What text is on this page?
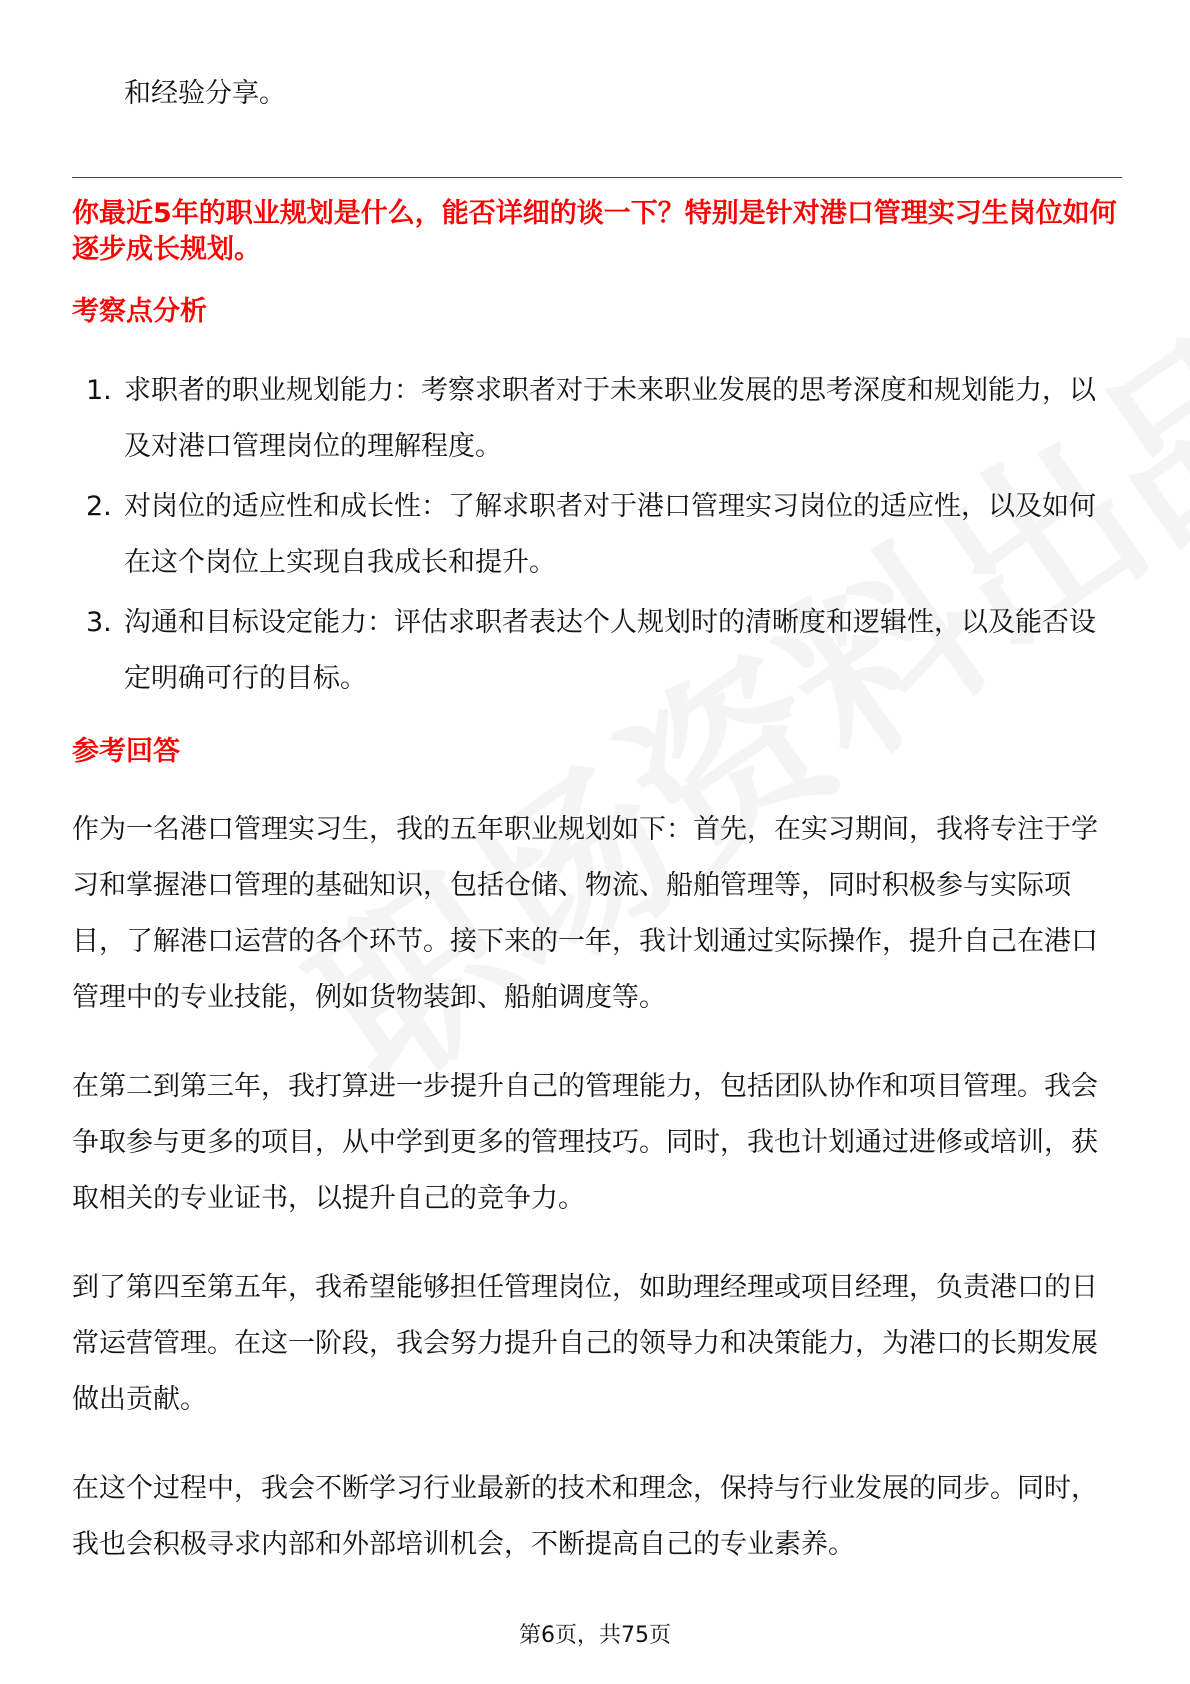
和经验分享。
你最近5年的职业规划是什么，能否详细的谈一下？特别是针对港口管理实习生岗位如何逐步成长规划。
考察点分析
1. 求职者的职业规划能力：考察求职者对于未来职业发展的思考深度和规划能力，以及对港口管理岗位的理解程度。
2. 对岗位的适应性和成长性：了解求职者对于港口管理实习岗位的适应性，以及如何在这个岗位上实现自我成长和提升。
3. 沟通和目标设定能力：评估求职者表达个人规划时的清晰度和逻辑性，以及能否设定明确可行的目标。
参考回答

作为一名港口管理实习生，我的五年职业规划如下：首先，在实习期间，我将专注于学习和掌握港口管理的基础知识，包括仓储、物流、船舶管理等，同时积极参与实际项目，了解港口运营的各个环节。接下来的一年，我计划通过实际操作，提升自己在港口管理中的专业技能，例如货物装卸、船舶调度等。

在第二到第三年，我打算进一步提升自己的管理能力，包括团队协作和项目管理。我会争取参与更多的项目，从中学到更多的管理技巧。同时，我也计划通过进修或培训，获取相关的专业证书，以提升自己的竞争力。

到了第四至第五年，我希望能够担任管理岗位，如助理经理或项目经理，负责港口的日常运营管理。在这一阶段，我会努力提升自己的领导力和决策能力，为港口的长期发展做出贡献。

在这个过程中，我会不断学习行业最新的技术和理念，保持与行业发展的同步。同时，我也会积极寻求内部和外部培训机会，不断提高自己的专业素养。

第6页，共75页
